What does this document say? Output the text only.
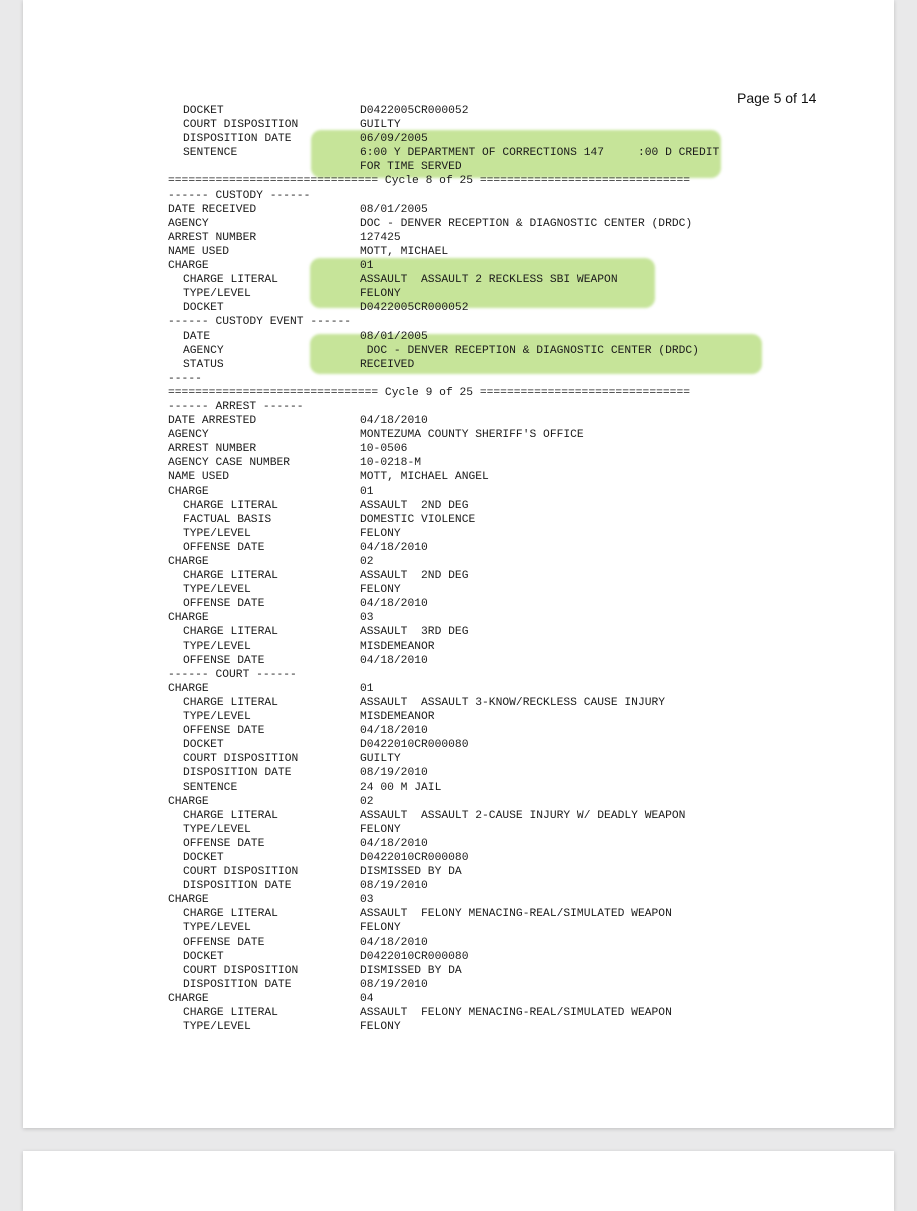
Page 5 of 14
DOCKET	D0422005CR000052
COURT DISPOSITION	GUILTY
DISPOSITION DATE	06/09/2005
SENTENCE	6:00 Y DEPARTMENT OF CORRECTIONS 147     :00 D CREDIT
FOR TIME SERVED
=============================== Cycle 8 of 25 ===============================
------ CUSTODY ------
DATE RECEIVED	08/01/2005
AGENCY	DOC - DENVER RECEPTION & DIAGNOSTIC CENTER (DRDC)
ARREST NUMBER	127425
NAME USED	MOTT, MICHAEL
CHARGE	01
CHARGE LITERAL	ASSAULT  ASSAULT 2 RECKLESS SBI WEAPON
TYPE/LEVEL	FELONY
DOCKET	D0422005CR000052
------ CUSTODY EVENT ------
DATE	08/01/2005
AGENCY	DOC - DENVER RECEPTION & DIAGNOSTIC CENTER (DRDC)
STATUS	RECEIVED
-----
=============================== Cycle 9 of 25 ===============================
------ ARREST ------
DATE ARRESTED	04/18/2010
AGENCY	MONTEZUMA COUNTY SHERIFF'S OFFICE
ARREST NUMBER	10-0506
AGENCY CASE NUMBER	10-0218-M
NAME USED	MOTT, MICHAEL ANGEL
CHARGE	01
CHARGE LITERAL	ASSAULT  2ND DEG
FACTUAL BASIS	DOMESTIC VIOLENCE
TYPE/LEVEL	FELONY
OFFENSE DATE	04/18/2010
CHARGE	02
CHARGE LITERAL	ASSAULT  2ND DEG
TYPE/LEVEL	FELONY
OFFENSE DATE	04/18/2010
CHARGE	03
CHARGE LITERAL	ASSAULT  3RD DEG
TYPE/LEVEL	MISDEMEANOR
OFFENSE DATE	04/18/2010
------ COURT ------
CHARGE	01
CHARGE LITERAL	ASSAULT  ASSAULT 3-KNOW/RECKLESS CAUSE INJURY
TYPE/LEVEL	MISDEMEANOR
OFFENSE DATE	04/18/2010
DOCKET	D0422010CR000080
COURT DISPOSITION	GUILTY
DISPOSITION DATE	08/19/2010
SENTENCE	24 00 M JAIL
CHARGE	02
CHARGE LITERAL	ASSAULT  ASSAULT 2-CAUSE INJURY W/ DEADLY WEAPON
TYPE/LEVEL	FELONY
OFFENSE DATE	04/18/2010
DOCKET	D0422010CR000080
COURT DISPOSITION	DISMISSED BY DA
DISPOSITION DATE	08/19/2010
CHARGE	03
CHARGE LITERAL	ASSAULT  FELONY MENACING-REAL/SIMULATED WEAPON
TYPE/LEVEL	FELONY
OFFENSE DATE	04/18/2010
DOCKET	D0422010CR000080
COURT DISPOSITION	DISMISSED BY DA
DISPOSITION DATE	08/19/2010
CHARGE	04
CHARGE LITERAL	ASSAULT  FELONY MENACING-REAL/SIMULATED WEAPON
TYPE/LEVEL	FELONY
